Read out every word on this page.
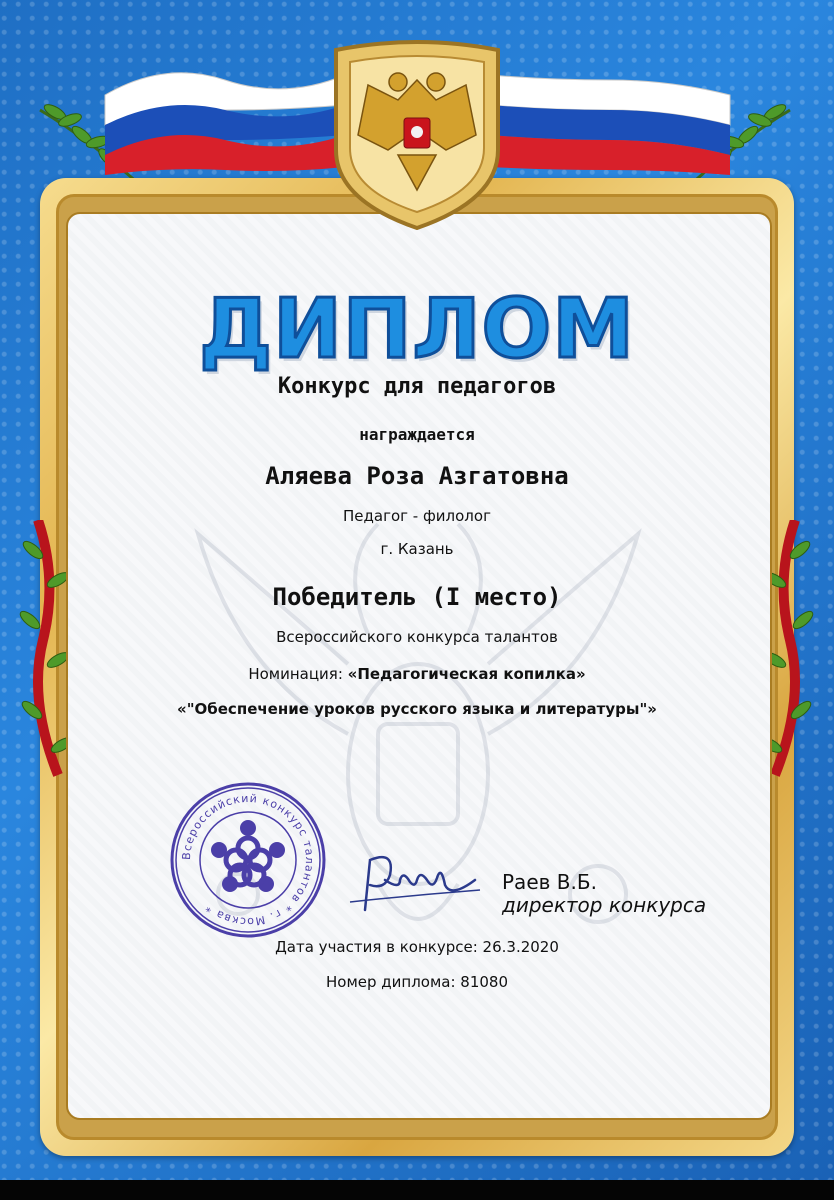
ДИПЛОМ
Конкурс для педагогов
награждается
Аляева Роза Азгатовна
Педагог - филолог
г. Казань
Победитель (I место)
Всероссийского конкурса талантов
Номинация: «Педагогическая копилка»
«"Обеспечение уроков русского языка и литературы"»
Всероссийский конкурс талантов * г. Москва *
Раев В.Б.
директор конкурса
Дата участия в конкурсе: 26.3.2020
Номер диплома: 81080
